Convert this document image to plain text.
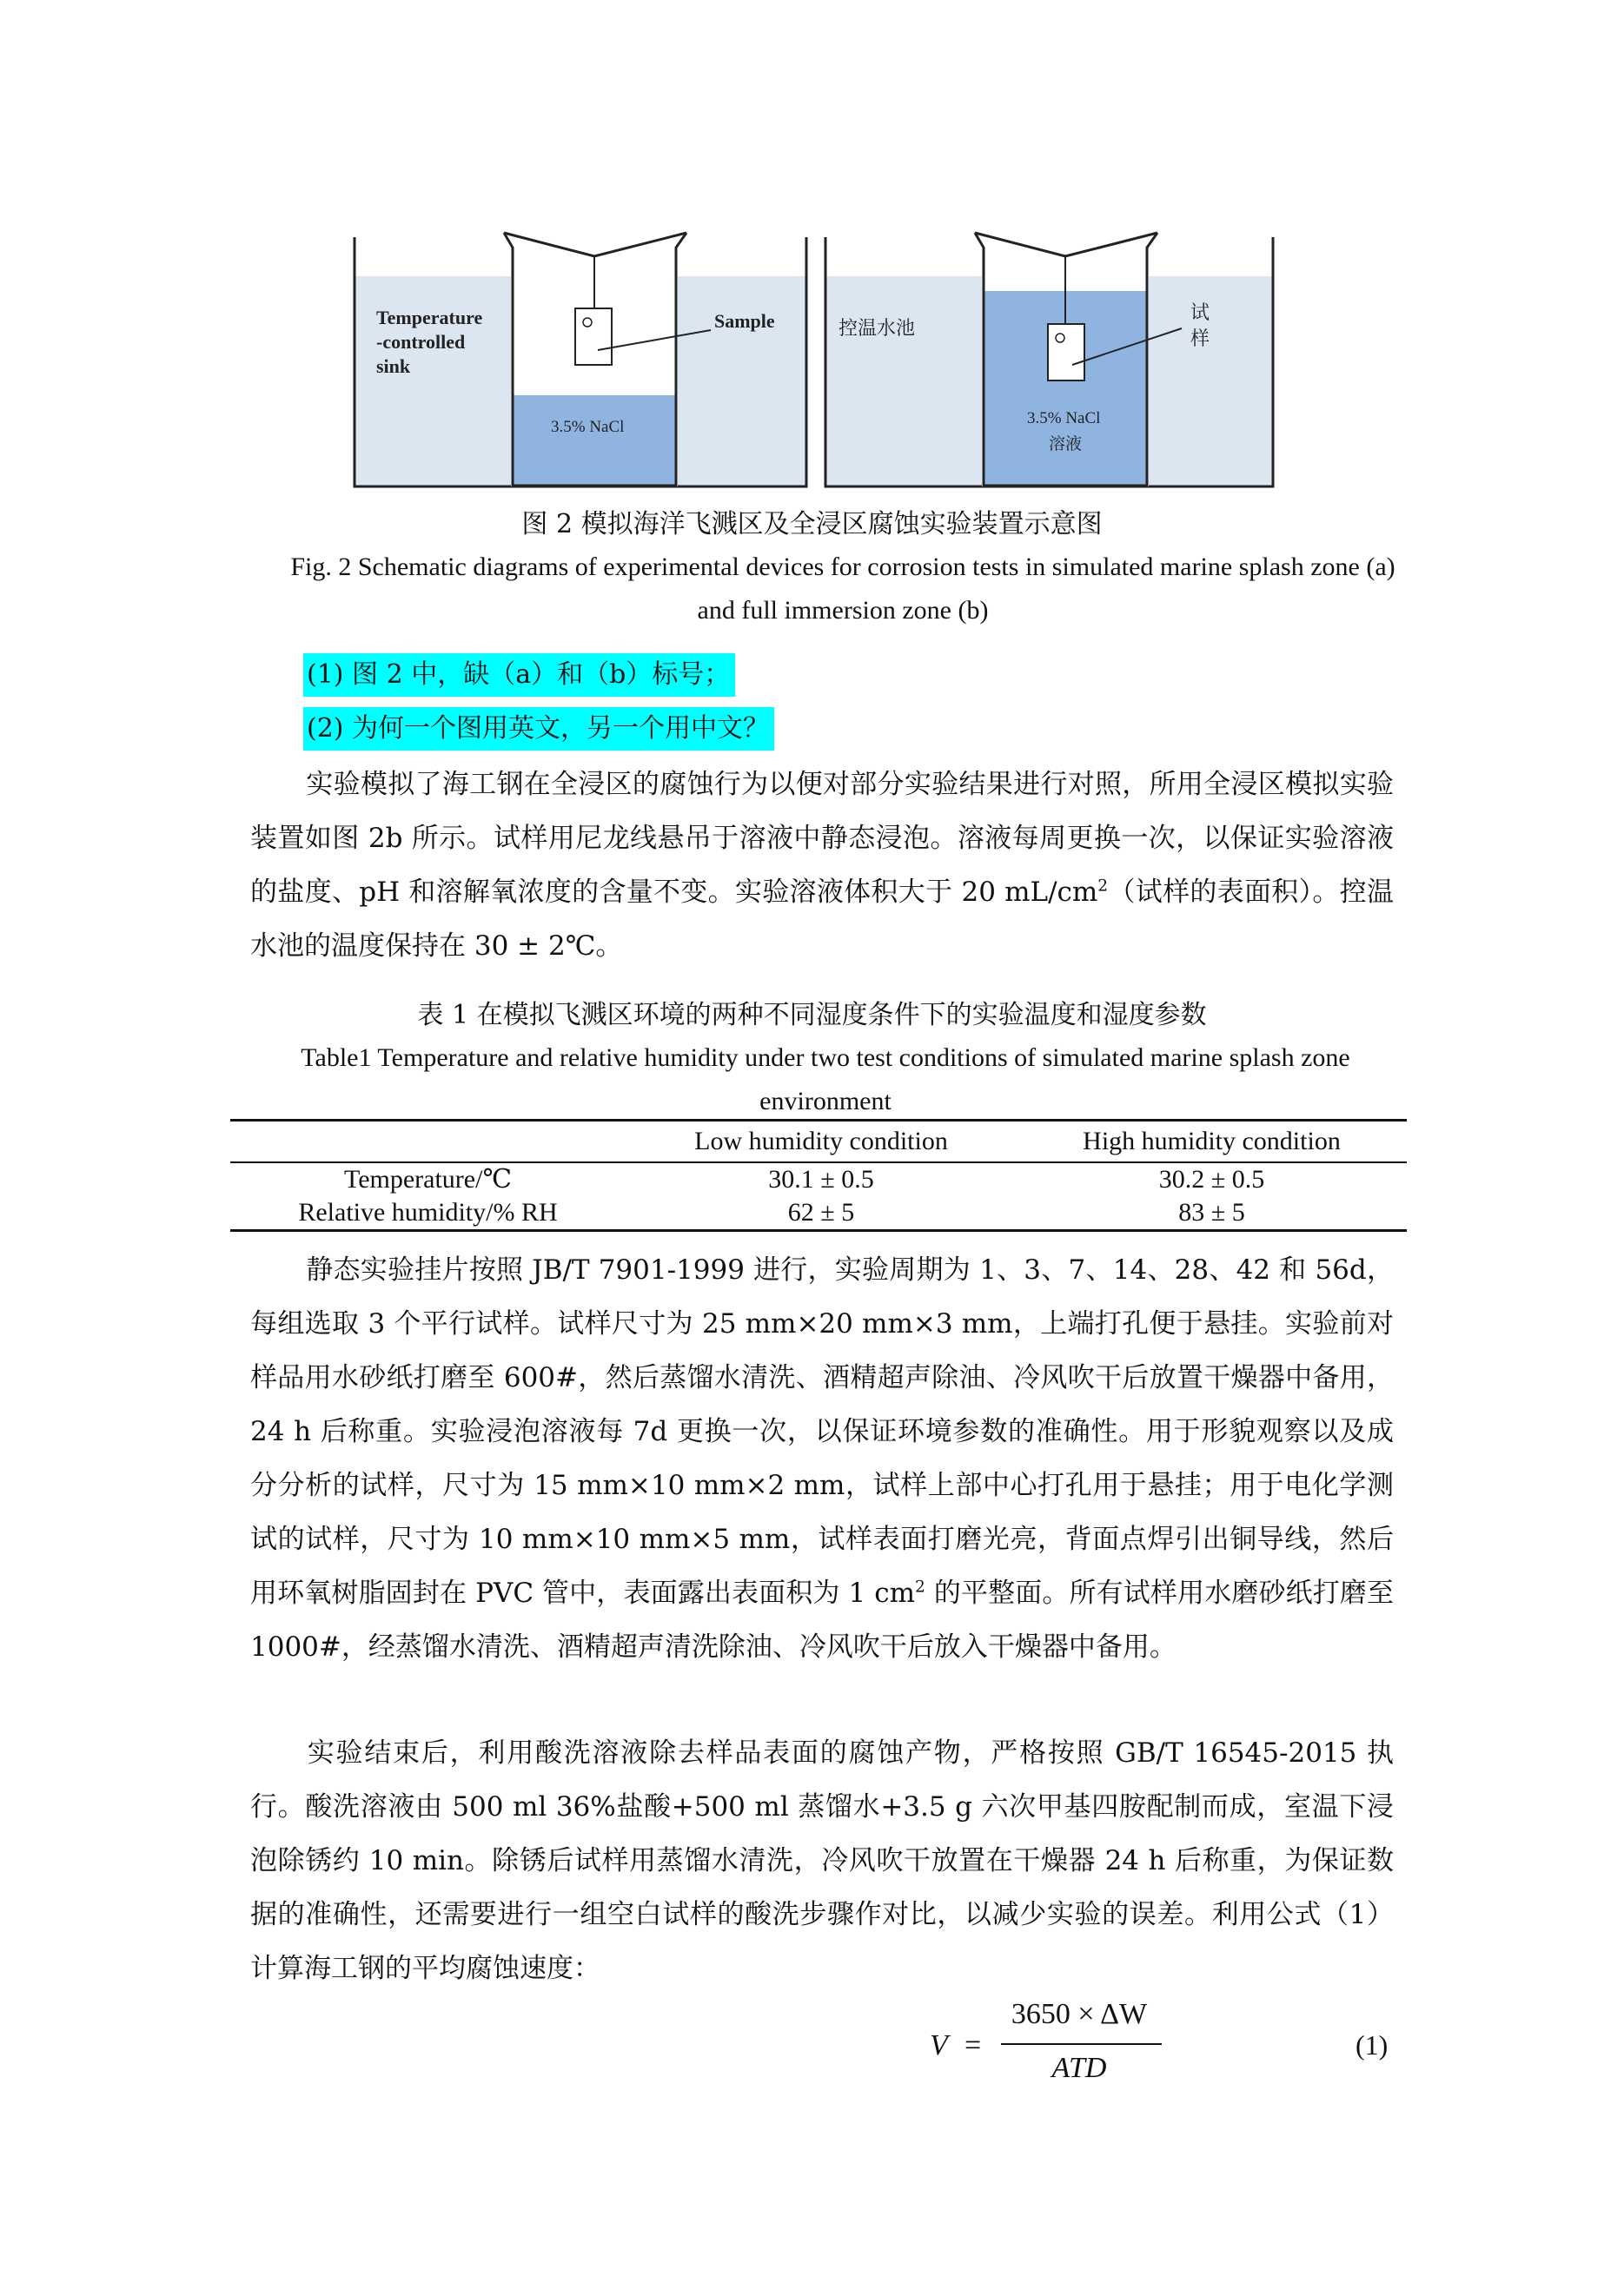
Temperature
-controlled
sink
Sample
3.5% NaCl
控温水池
试
样
3.5% NaCl
溶液
图 2 模拟海洋飞溅区及全浸区腐蚀实验装置示意图
Fig. 2 Schematic diagrams of experimental devices for corrosion tests in simulated marine splash zone (a) and full immersion zone (b)
(1) 图 2 中，缺（a）和（b）标号；
(2) 为何一个图用英文，另一个用中文？
实验模拟了海工钢在全浸区的腐蚀行为以便对部分实验结果进行对照，所用全浸区模拟实验装置如图 2b 所示。试样用尼龙线悬吊于溶液中静态浸泡。溶液每周更换一次，以保证实验溶液的盐度、pH 和溶解氧浓度的含量不变。实验溶液体积大于 20 $mL/cm^2$（试样的表面积）。控温水池的温度保持在 30 ± 2℃。
表 1 在模拟飞溅区环境的两种不同湿度条件下的实验温度和湿度参数
Table1 Temperature and relative humidity under two test conditions of simulated marine splash zone environment
	Low humidity condition	High humidity condition
Temperature/℃	30.1 ± 0.5	30.2 ± 0.5
Relative humidity/% RH	62 ± 5	83 ± 5
静态实验挂片按照 JB/T 7901-1999 进行，实验周期为 1、3、7、14、28、42 和 56d，每组选取 3 个平行试样。试样尺寸为 25 mm×20 mm×3 mm，上端打孔便于悬挂。实验前对样品用水砂纸打磨至 600#，然后蒸馏水清洗、酒精超声除油、冷风吹干后放置干燥器中备用，24 h 后称重。实验浸泡溶液每 7d 更换一次，以保证环境参数的准确性。用于形貌观察以及成分分析的试样，尺寸为 15 mm×10 mm×2 mm，试样上部中心打孔用于悬挂；用于电化学测试的试样，尺寸为 10 mm×10 mm×5 mm，试样表面打磨光亮，背面点焊引出铜导线，然后用环氧树脂固封在 PVC 管中，表面露出表面积为 1 $cm^2$ 的平整面。所有试样用水磨砂纸打磨至 1000#，经蒸馏水清洗、酒精超声清洗除油、冷风吹干后放入干燥器中备用。
实验结束后，利用酸洗溶液除去样品表面的腐蚀产物，严格按照 GB/T 16545-2015 执行。酸洗溶液由 500 ml 36%盐酸+500 ml 蒸馏水+3.5 g 六次甲基四胺配制而成，室温下浸泡除锈约 10 min。除锈后试样用蒸馏水清洗，冷风吹干放置在干燥器 24 h 后称重，为保证数据的准确性，还需要进行一组空白试样的酸洗步骤作对比，以减少实验的误差。利用公式（1）计算海工钢的平均腐蚀速度：
V =
3650 × ΔW
ATD
(1)
